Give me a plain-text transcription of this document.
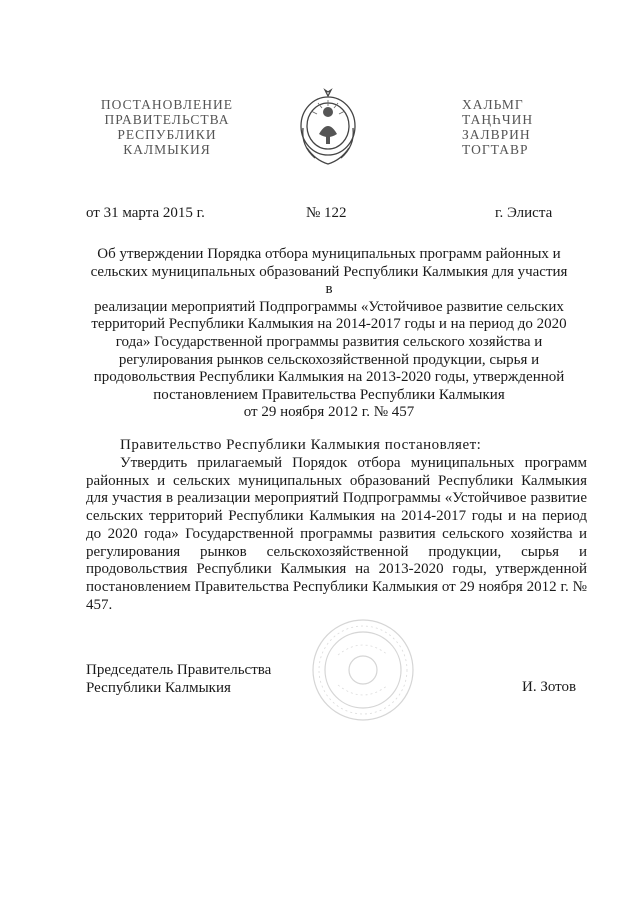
ПОСТАНОВЛЕНИЕ
ПРАВИТЕЛЬСТВА
РЕСПУБЛИКИ
КАЛМЫКИЯ
ХАЛЬМГ
ТАҢҺЧИН
ЗАЛВРИН
ТОГТАВР
от 31 марта 2015 г.	№ 122	г. Элиста
Об утверждении Порядка отбора муниципальных программ районных и
сельских муниципальных образований Республики Калмыкия для участия в
реализации мероприятий Подпрограммы «Устойчивое развитие сельских
территорий Республики Калмыкия на 2014-2017 годы и на период до 2020
года» Государственной программы развития сельского хозяйства и
регулирования рынков сельскохозяйственной продукции, сырья и
продовольствия Республики Калмыкия на 2013-2020 годы, утвержденной
постановлением Правительства Республики Калмыкия
от 29 ноября 2012 г. № 457
Правительство Республики Калмыкия постановляет:

Утвердить прилагаемый Порядок отбора муниципальных программ районных и сельских муниципальных образований Республики Калмыкия для участия в реализации мероприятий Подпрограммы «Устойчивое развитие сельских территорий Республики Калмыкия на 2014-2017 годы и на период до 2020 года» Государственной программы развития сельского хозяйства и регулирования рынков сельскохозяйственной продукции, сырья и продовольствия Республики Калмыкия на 2013-2020 годы, утвержденной постановлением Правительства Республики Калмыкия от 29 ноября 2012 г. № 457.

Председатель Правительства
Республики Калмыкия	И. Зотов
